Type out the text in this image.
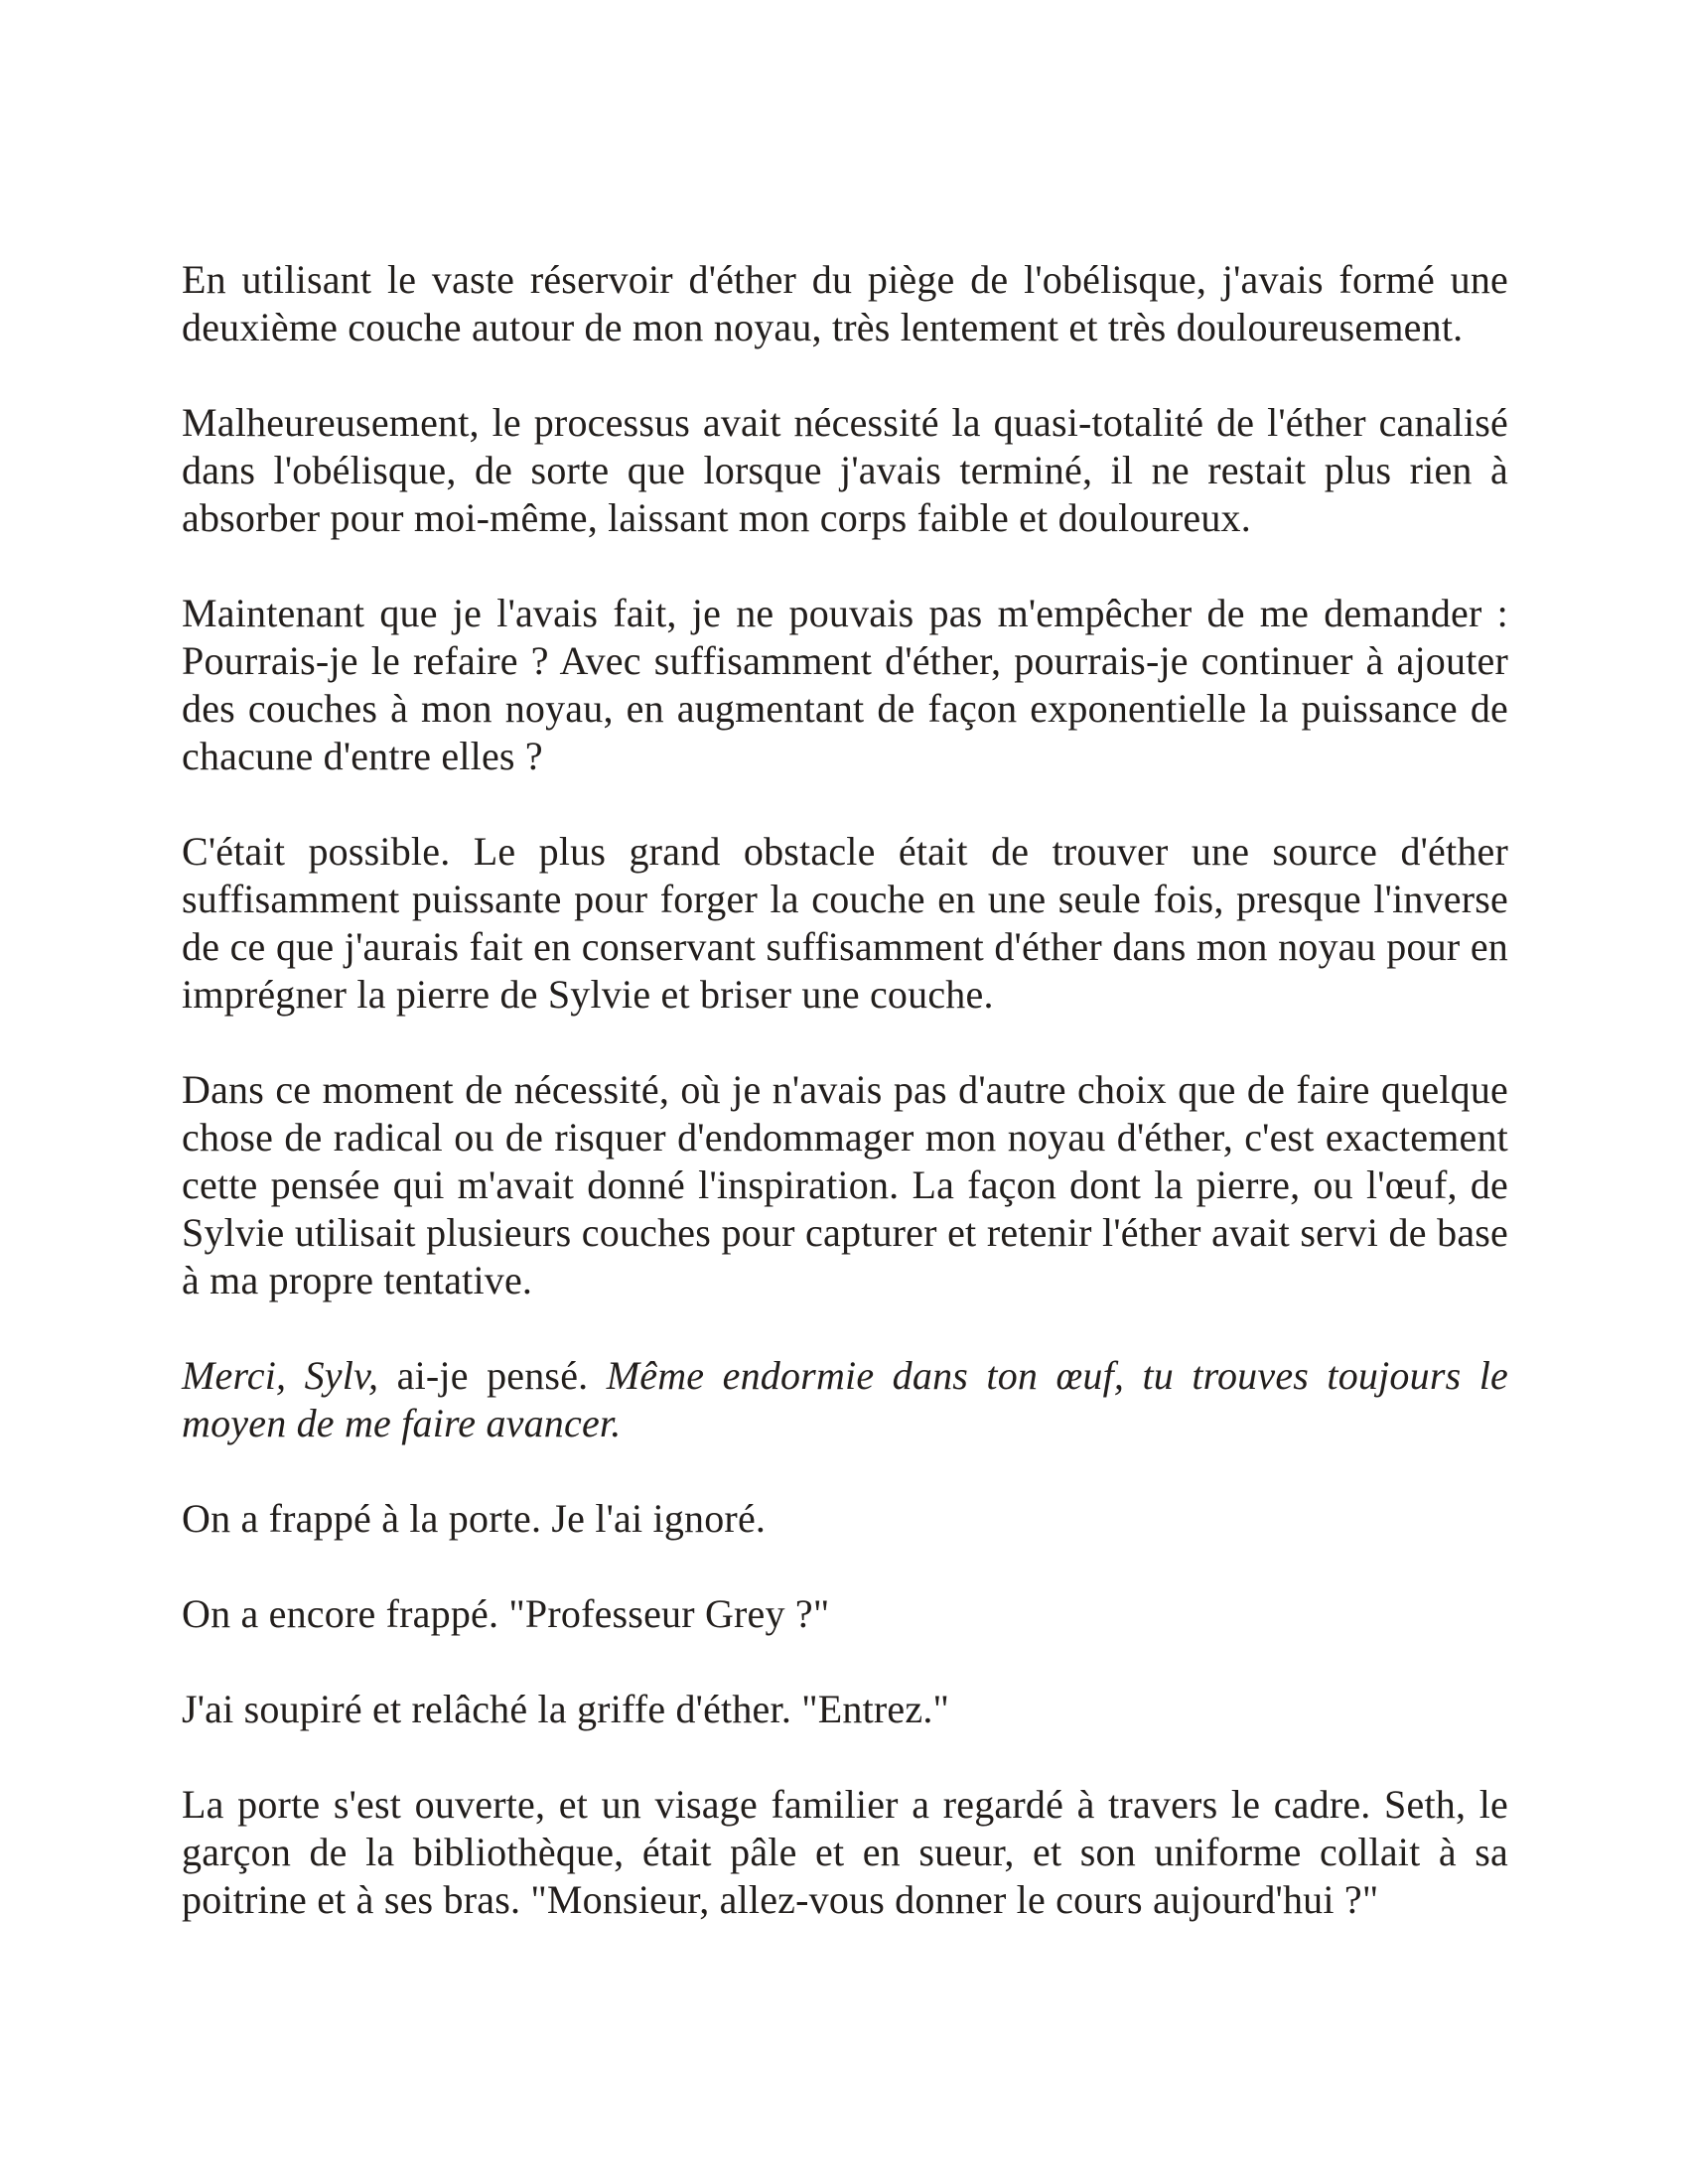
En utilisant le vaste réservoir d'éther du piège de l'obélisque, j'avais formé une deuxième couche autour de mon noyau, très lentement et très douloureusement.

Malheureusement, le processus avait nécessité la quasi-totalité de l'éther canalisé dans l'obélisque, de sorte que lorsque j'avais terminé, il ne restait plus rien à absorber pour moi-même, laissant mon corps faible et douloureux.

Maintenant que je l'avais fait, je ne pouvais pas m'empêcher de me demander : Pourrais-je le refaire ? Avec suffisamment d'éther, pourrais-je continuer à ajouter des couches à mon noyau, en augmentant de façon exponentielle la puissance de chacune d'entre elles ?

C'était possible. Le plus grand obstacle était de trouver une source d'éther suffisamment puissante pour forger la couche en une seule fois, presque l'inverse de ce que j'aurais fait en conservant suffisamment d'éther dans mon noyau pour en imprégner la pierre de Sylvie et briser une couche.

Dans ce moment de nécessité, où je n'avais pas d'autre choix que de faire quelque chose de radical ou de risquer d'endommager mon noyau d'éther, c'est exactement cette pensée qui m'avait donné l'inspiration. La façon dont la pierre, ou l'œuf, de Sylvie utilisait plusieurs couches pour capturer et retenir l'éther avait servi de base à ma propre tentative.

Merci, Sylv, ai-je pensé. Même endormie dans ton œuf, tu trouves toujours le moyen de me faire avancer.

On a frappé à la porte. Je l'ai ignoré.

On a encore frappé. "Professeur Grey ?"

J'ai soupiré et relâché la griffe d'éther. "Entrez."

La porte s'est ouverte, et un visage familier a regardé à travers le cadre. Seth, le garçon de la bibliothèque, était pâle et en sueur, et son uniforme collait à sa poitrine et à ses bras. "Monsieur, allez-vous donner le cours aujourd'hui ?"
